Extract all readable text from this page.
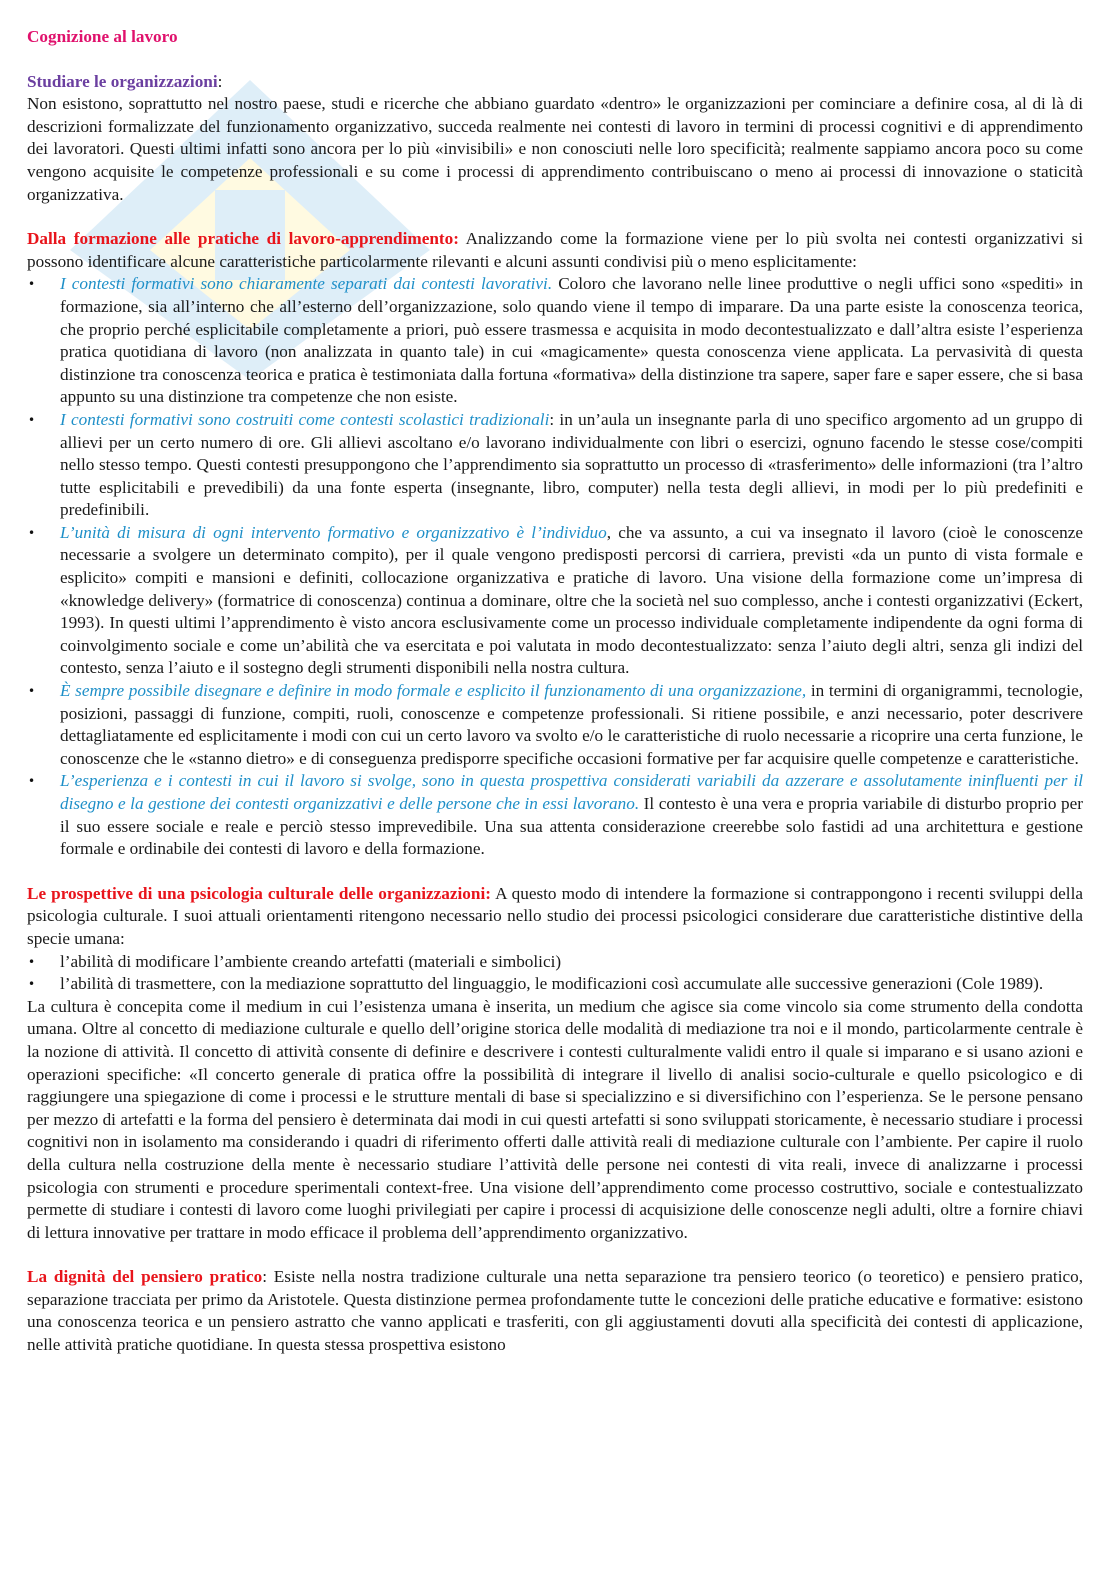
Cognizione al lavoro
Studiare le organizzazioni:

Non esistono, soprattutto nel nostro paese, studi e ricerche che abbiano guardato «dentro» le organizzazioni per cominciare a definire cosa, al di là di descrizioni formalizzate del funzionamento organizzativo, succeda realmente nei contesti di lavoro in termini di processi cognitivi e di apprendimento dei lavoratori. Questi ultimi infatti sono ancora per lo più «invisibili» e non conosciuti nelle loro specificità; realmente sappiamo ancora poco su come vengono acquisite le competenze professionali e su come i processi di apprendimento contribuiscano o meno ai processi di innovazione o staticità organizzativa.

Dalla formazione alle pratiche di lavoro-apprendimento: Analizzando come la formazione viene per lo più svolta nei contesti organizzativi si possono identificare alcune caratteristiche particolarmente rilevanti e alcuni assunti condivisi più o meno esplicitamente:

• I contesti formativi sono chiaramente separati dai contesti lavorativi. Coloro che lavorano nelle linee produttive o negli uffici sono «spediti» in formazione, sia all’interno che all’esterno dell’organizzazione, solo quando viene il tempo di imparare. Da una parte esiste la conoscenza teorica, che proprio perché esplicitabile completamente a priori, può essere trasmessa e acquisita in modo decontestualizzato e dall’altra esiste l’esperienza pratica quotidiana di lavoro (non analizzata in quanto tale) in cui «magicamente» questa conoscenza viene applicata. La pervasività di questa distinzione tra conoscenza teorica e pratica è testimoniata dalla fortuna «formativa» della distinzione tra sapere, saper fare e saper essere, che si basa appunto su una distinzione tra competenze che non esiste.
• I contesti formativi sono costruiti come contesti scolastici tradizionali: in un’aula un insegnante parla di uno specifico argomento ad un gruppo di allievi per un certo numero di ore. Gli allievi ascoltano e/o lavorano individualmente con libri o esercizi, ognuno facendo le stesse cose/compiti nello stesso tempo. Questi contesti presuppongono che l’apprendimento sia soprattutto un processo di «trasferimento» delle informazioni (tra l’altro tutte esplicitabili e prevedibili) da una fonte esperta (insegnante, libro, computer) nella testa degli allievi, in modi per lo più predefiniti e predefinibili.
• L’unità di misura di ogni intervento formativo e organizzativo è l’individuo, che va assunto, a cui va insegnato il lavoro (cioè le conoscenze necessarie a svolgere un determinato compito), per il quale vengono predisposti percorsi di carriera, previsti «da un punto di vista formale e esplicito» compiti e mansioni e definiti, collocazione organizzativa e pratiche di lavoro. Una visione della formazione come un’impresa di «knowledge delivery» (formatrice di conoscenza) continua a dominare, oltre che la società nel suo complesso, anche i contesti organizzativi (Eckert, 1993). In questi ultimi l’apprendimento è visto ancora esclusivamente come un processo individuale completamente indipendente da ogni forma di coinvolgimento sociale e come un’abilità che va esercitata e poi valutata in modo decontestualizzato: senza l’aiuto degli altri, senza gli indizi del contesto, senza l’aiuto e il sostegno degli strumenti disponibili nella nostra cultura.
• È sempre possibile disegnare e definire in modo formale e esplicito il funzionamento di una organizzazione, in termini di organigrammi, tecnologie, posizioni, passaggi di funzione, compiti, ruoli, conoscenze e competenze professionali. Si ritiene possibile, e anzi necessario, poter descrivere dettagliatamente ed esplicitamente i modi con cui un certo lavoro va svolto e/o le caratteristiche di ruolo necessarie a ricoprire una certa funzione, le conoscenze che le «stanno dietro» e di conseguenza predisporre specifiche occasioni formative per far acquisire quelle competenze e caratteristiche.
• L’esperienza e i contesti in cui il lavoro si svolge, sono in questa prospettiva considerati variabili da azzerare e assolutamente ininfluenti per il disegno e la gestione dei contesti organizzativi e delle persone che in essi lavorano. Il contesto è una vera e propria variabile di disturbo proprio per il suo essere sociale e reale e perciò stesso imprevedibile. Una sua attenta considerazione creerebbe solo fastidi ad una architettura e gestione formale e ordinabile dei contesti di lavoro e della formazione.

Le prospettive di una psicologia culturale delle organizzazioni: A questo modo di intendere la formazione si contrappongono i recenti sviluppi della psicologia culturale. I suoi attuali orientamenti ritengono necessario nello studio dei processi psicologici considerare due caratteristiche distintive della specie umana:

• l’abilità di modificare l’ambiente creando artefatti (materiali e simbolici)
• l’abilità di trasmettere, con la mediazione soprattutto del linguaggio, le modificazioni così accumulate alle successive generazioni (Cole 1989).

La cultura è concepita come il medium in cui l’esistenza umana è inserita, un medium che agisce sia come vincolo sia come strumento della condotta umana. Oltre al concetto di mediazione culturale e quello dell’origine storica delle modalità di mediazione tra noi e il mondo, particolarmente centrale è la nozione di attività. Il concetto di attività consente di definire e descrivere i contesti culturalmente validi entro il quale si imparano e si usano azioni e operazioni specifiche: «Il concerto generale di pratica offre la possibilità di integrare il livello di analisi socio-culturale e quello psicologico e di raggiungere una spiegazione di come i processi e le strutture mentali di base si specializzino e si diversifichino con l’esperienza. Se le persone pensano per mezzo di artefatti e la forma del pensiero è determinata dai modi in cui questi artefatti si sono sviluppati storicamente, è necessario studiare i processi cognitivi non in isolamento ma considerando i quadri di riferimento offerti dalle attività reali di mediazione culturale con l’ambiente. Per capire il ruolo della cultura nella costruzione della mente è necessario studiare l’attività delle persone nei contesti di vita reali, invece di analizzarne i processi psicologia con strumenti e procedure sperimentali context-free. Una visione dell’apprendimento come processo costruttivo, sociale e contestualizzato permette di studiare i contesti di lavoro come luoghi privilegiati per capire i processi di acquisizione delle conoscenze negli adulti, oltre a fornire chiavi di lettura innovative per trattare in modo efficace il problema dell’apprendimento organizzativo.

La dignità del pensiero pratico: Esiste nella nostra tradizione culturale una netta separazione tra pensiero teorico (o teoretico) e pensiero pratico, separazione tracciata per primo da Aristotele. Questa distinzione permea profondamente tutte le concezioni delle pratiche educative e formative: esistono una conoscenza teorica e un pensiero astratto che vanno applicati e trasferiti, con gli aggiustamenti dovuti alla specificità dei contesti di applicazione, nelle attività pratiche quotidiane. In questa stessa prospettiva esistono
